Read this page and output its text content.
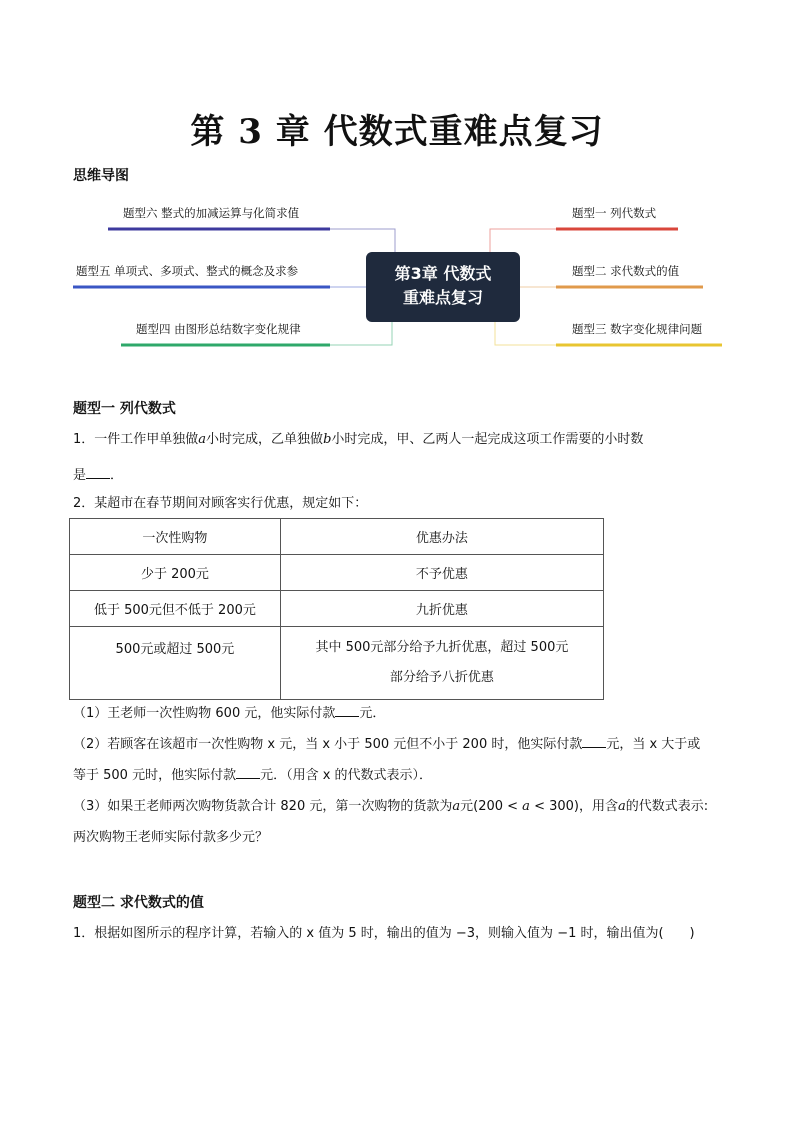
第 3 章 代数式重难点复习
思维导图
题型六 整式的加减运算与化简求值
题型五 单项式、多项式、整式的概念及求参
题型四 由图形总结数字变化规律
题型一 列代数式
题型二 求代数式的值
题型三 数字变化规律问题
第3章 代数式
重难点复习
题型一 列代数式
1．一件工作甲单独做a小时完成，乙单独做b小时完成，甲、乙两人一起完成这项工作需要的小时数
是 ．
2．某超市在春节期间对顾客实行优惠，规定如下：
一次性购物	优惠办法
少于 200元	不予优惠
低于 500元但不低于 200元	九折优惠
500元或超过 500元	其中 500元部分给予九折优惠，超过 500元
部分给予八折优惠
（1）王老师一次性购物 600 元，他实际付款 元．
（2）若顾客在该超市一次性购物 x 元，当 x 小于 500 元但不小于 200 时，他实际付款 元，当 x 大于或
等于 500 元时，他实际付款 元．（用含 x 的代数式表示）．
（3）如果王老师两次购物货款合计 820 元，第一次购物的货款为a元(200 < a < 300)，用含a的代数式表示:
两次购物王老师实际付款多少元？
题型二 求代数式的值
1．根据如图所示的程序计算，若输入的 x 值为 5 时，输出的值为 −3，则输入值为 −1 时，输出值为(　　)
